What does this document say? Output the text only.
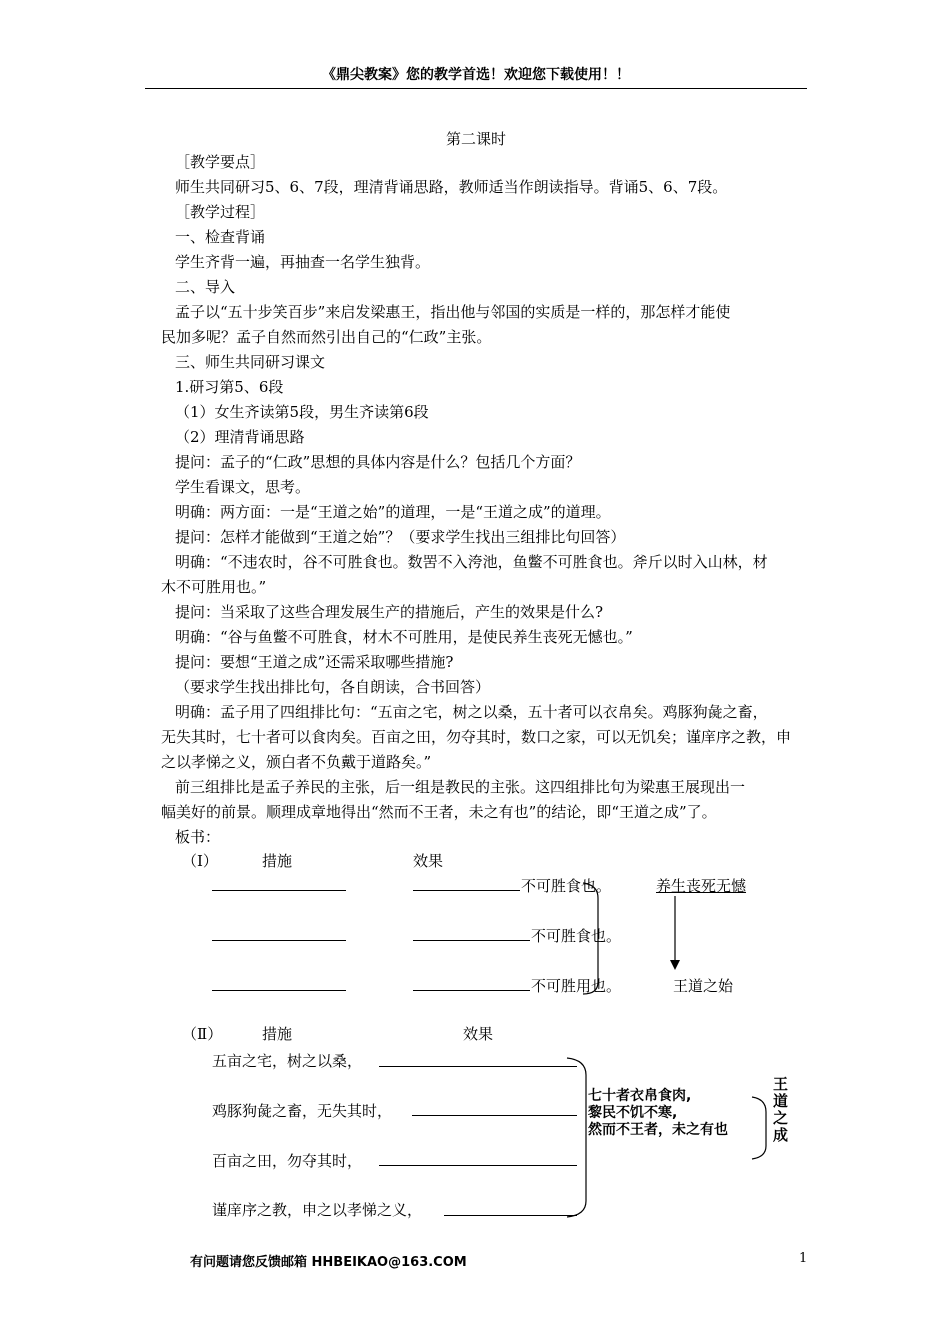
《鼎尖教案》您的教学首选！欢迎您下载使用！！
第二课时

［教学要点］

师生共同研习5、6、7段，理清背诵思路，教师适当作朗读指导。背诵5、6、7段。

［教学过程］

一、检查背诵

学生齐背一遍，再抽查一名学生独背。

二、导入

孟子以“五十步笑百步”来启发梁惠王，指出他与邻国的实质是一样的，那怎样才能使

民加多呢？孟子自然而然引出自己的“仁政”主张。

三、师生共同研习课文

1.研习第5、6段

（1）女生齐读第5段，男生齐读第6段

（2）理清背诵思路

提问：孟子的“仁政”思想的具体内容是什么？包括几个方面？

学生看课文，思考。

明确：两方面：一是“王道之始”的道理，一是“王道之成”的道理。

提问：怎样才能做到“王道之始”？（要求学生找出三组排比句回答）

明确：“不违农时，谷不可胜食也。数罟不入洿池，鱼鳖不可胜食也。斧斤以时入山林，材

木不可胜用也。”

提问：当采取了这些合理发展生产的措施后，产生的效果是什么?

明确：“谷与鱼鳖不可胜食，材木不可胜用，是使民养生丧死无憾也。”

提问：要想“王道之成”还需采取哪些措施?

（要求学生找出排比句，各自朗读，合书回答）

明确：孟子用了四组排比句：“五亩之宅，树之以桑，五十者可以衣帛矣。鸡豚狗彘之畜，

无失其时，七十者可以食肉矣。百亩之田，勿夺其时，数口之家，可以无饥矣；谨庠序之教，申

之以孝悌之义，颁白者不负戴于道路矣。”

前三组排比是孟子养民的主张，后一组是教民的主张。这四组排比句为梁惠王展现出一

幅美好的前景。顺理成章地得出“然而不王者，未之有也”的结论，即“王道之成”了。

板书：

（Ⅰ）	措施	效果
不可胜食也。
不可胜食也。
不可胜用也。
养生丧死无憾
王道之始
（Ⅱ）	措施	效果
五亩之宅，树之以桑，
鸡豚狗彘之畜，无失其时，
百亩之田，勿夺其时，
谨庠序之教，申之以孝悌之义，
七十者衣帛食肉,
黎民不饥不寒,
然而不王者，未之有也
王道之成
有问题请您反馈邮箱 HHBEIKAO@163.COM	1
